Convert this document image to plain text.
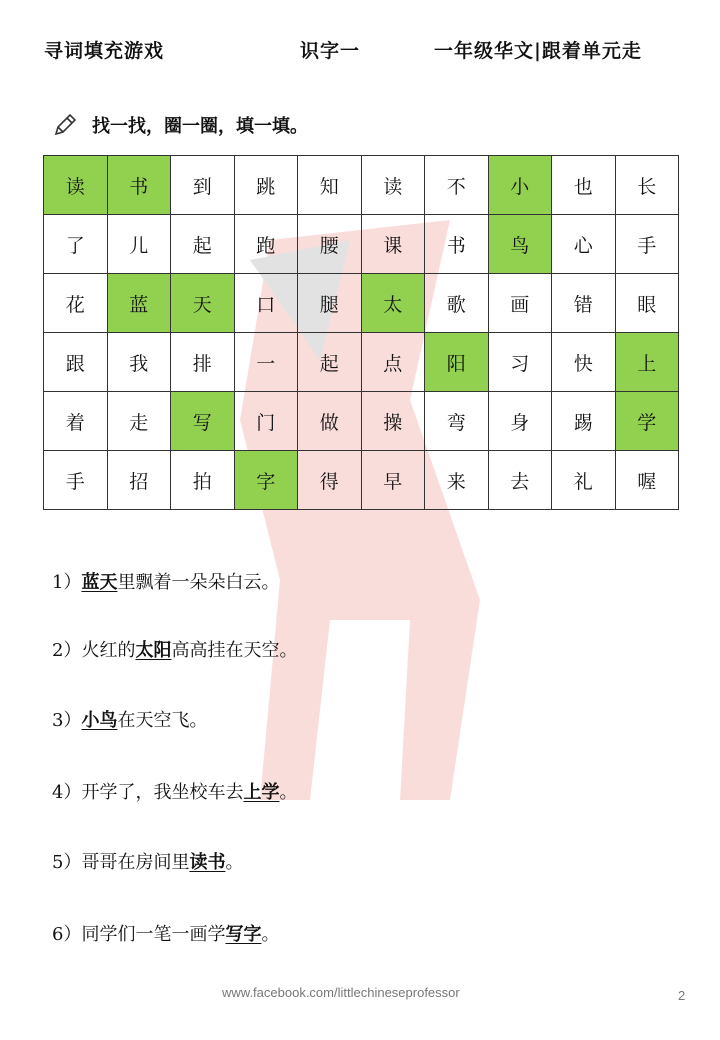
寻词填充游戏	识字一	一年级华文|跟着单元走
找一找，圈一圈，填一填。
读	书	到	跳	知	读	不	小	也	长
了	儿	起	跑	腰	课	书	鸟	心	手
花	蓝	天	口	腿	太	歌	画	错	眼
跟	我	排	一	起	点	阳	习	快	上
着	走	写	门	做	操	弯	身	踢	学
手	招	拍	字	得	早	来	去	礼	喔
1）蓝天里飘着一朵朵白云。
2）火红的太阳高高挂在天空。
3）小鸟在天空飞。
4）开学了，我坐校车去上学。
5）哥哥在房间里读书。
6）同学们一笔一画学写字。
www.facebook.com/littlechineseprofessor	2
